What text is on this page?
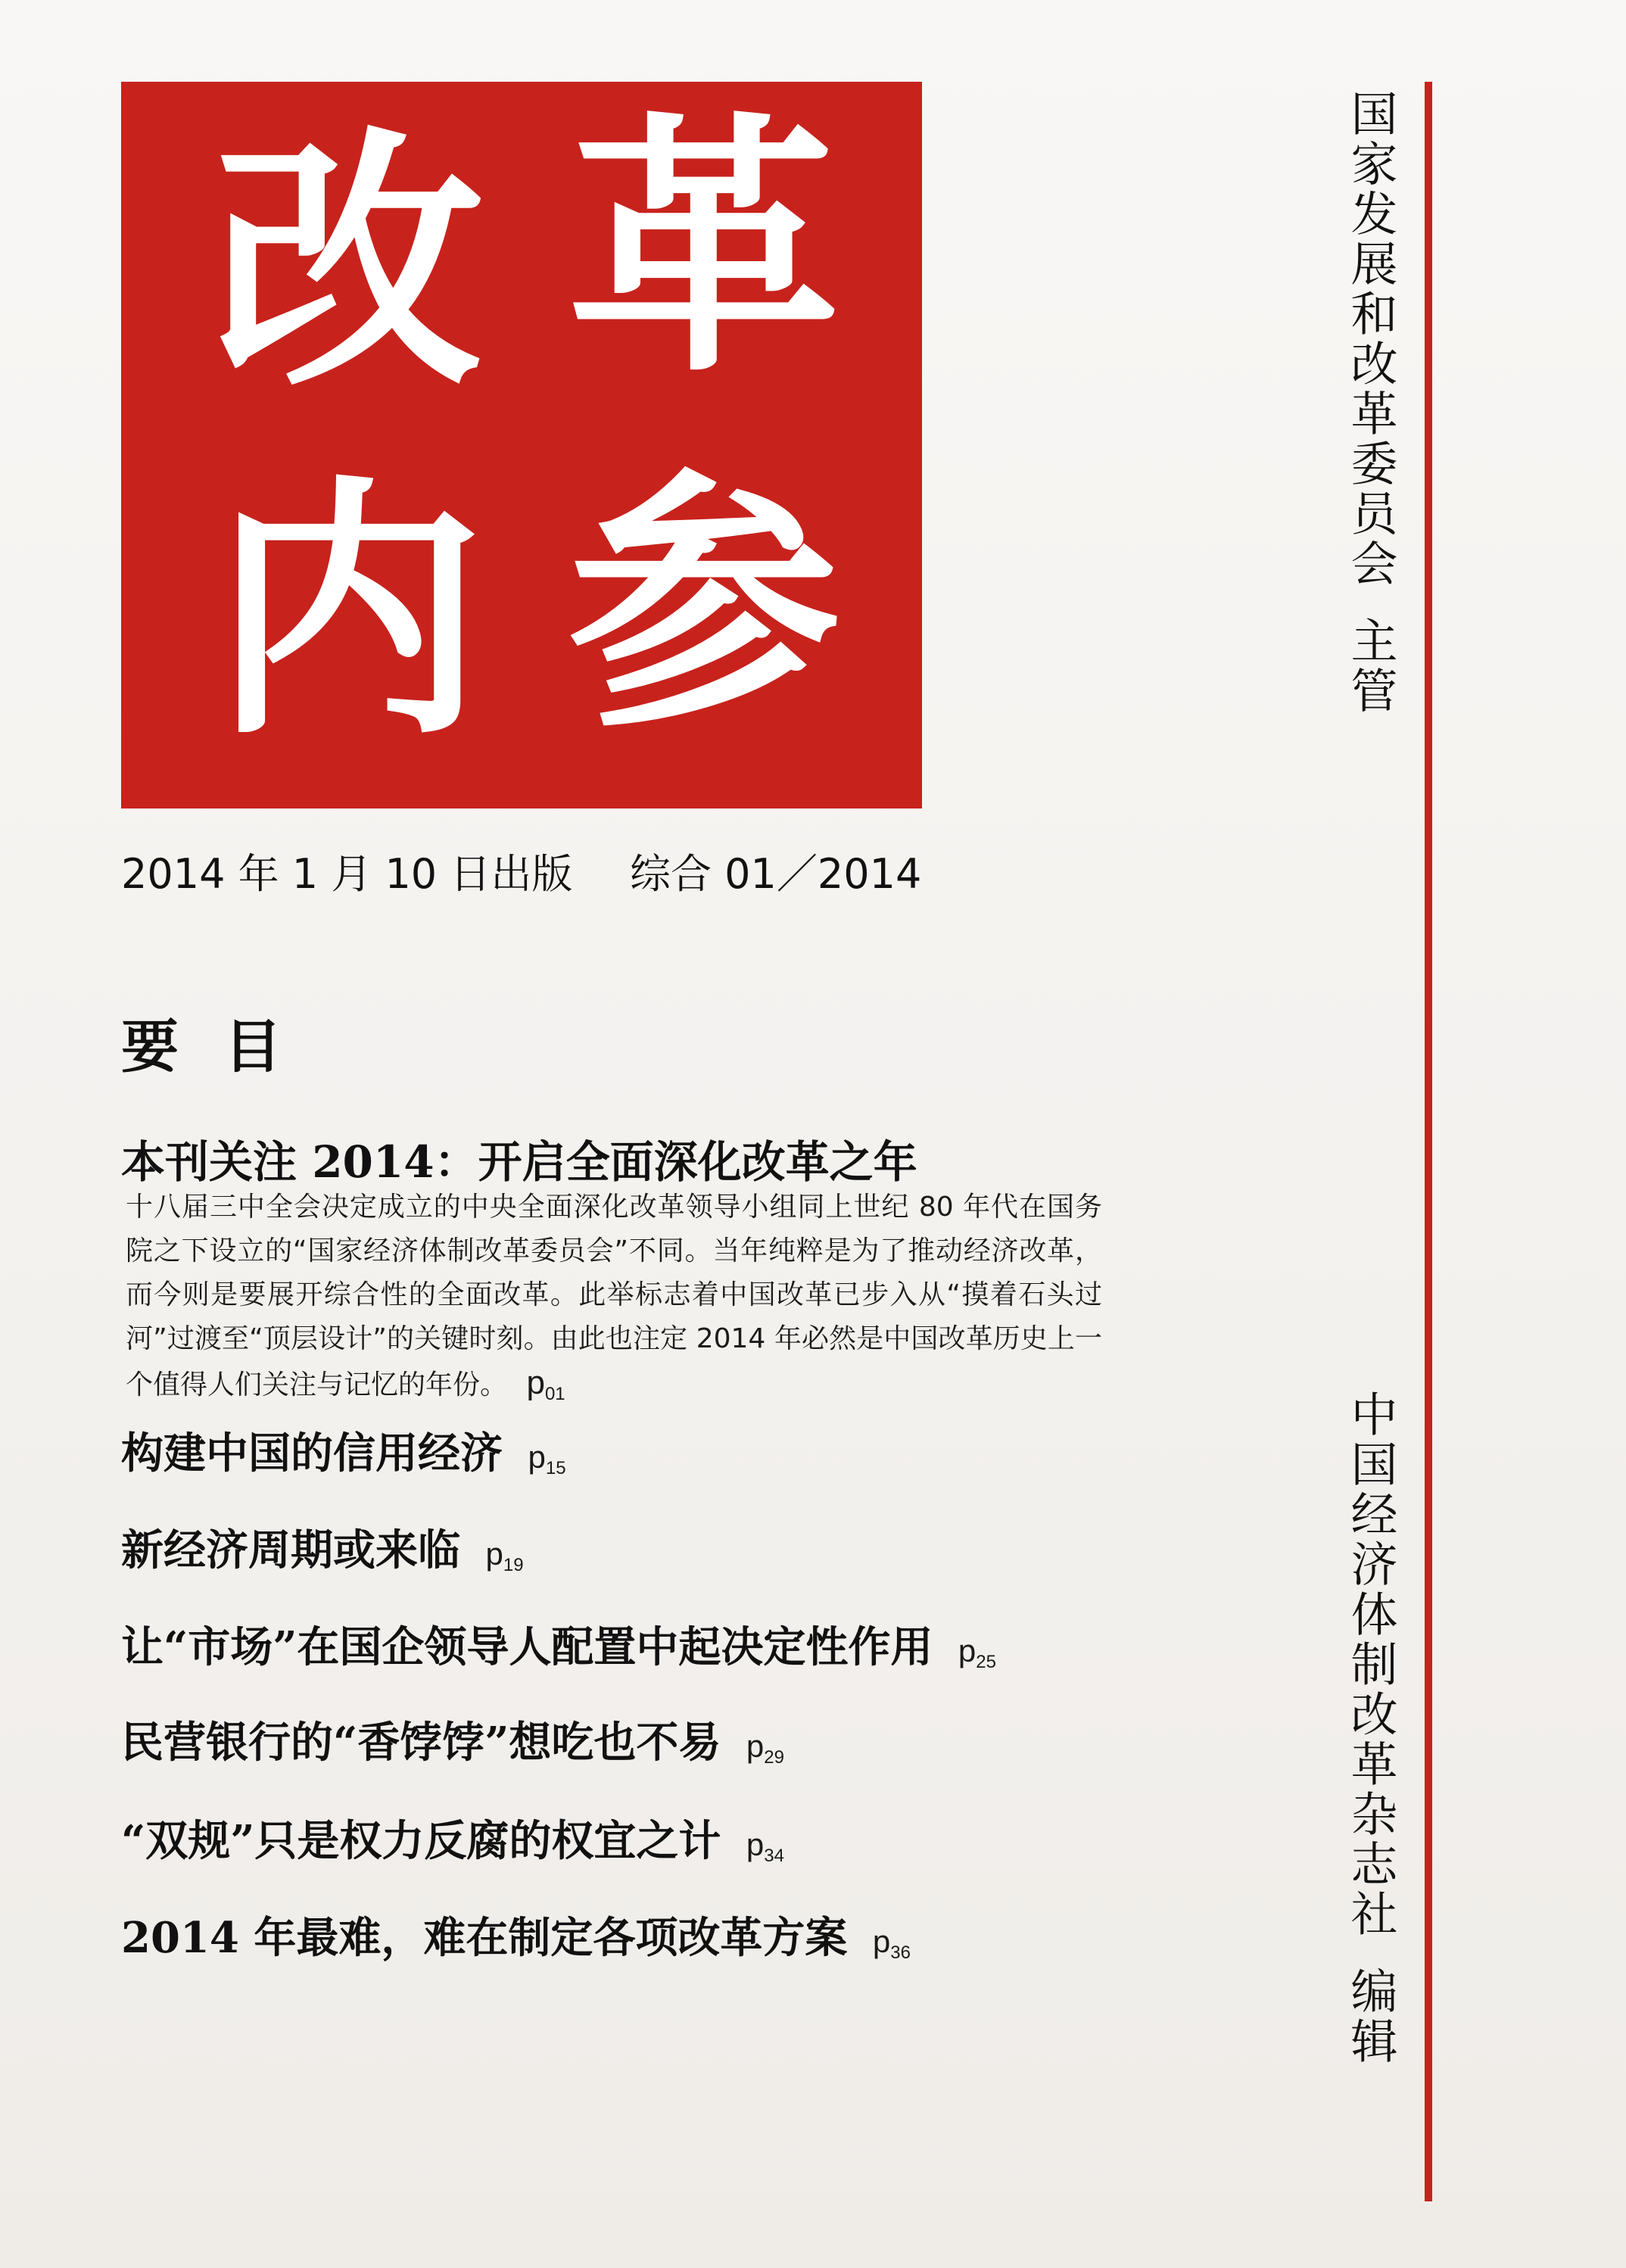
改 革
内 参
2014 年 1 月 10 日出版 综合 01／2014
要目
本刊关注 2014：开启全面深化改革之年
十八届三中全会决定成立的中央全面深化改革领导小组同上世纪 80 年代在国务院之下设立的“国家经济体制改革委员会”不同。当年纯粹是为了推动经济改革，而今则是要展开综合性的全面改革。此举标志着中国改革已步入从“摸着石头过河”过渡至“顶层设计”的关键时刻。由此也注定 2014 年必然是中国改革历史上一个值得人们关注与记忆的年份。 $p_{01}$
构建中国的信用经济 $p_{15}$
新经济周期或来临 $p_{19}$
让“市场”在国企领导人配置中起决定性作用 $p_{25}$
民营银行的“香饽饽”想吃也不易 $p_{29}$
“双规”只是权力反腐的权宜之计 $p_{34}$
2014 年最难，难在制定各项改革方案 $p_{36}$
国家发展和改革委员会主管
中国经济体制改革杂志社编辑
